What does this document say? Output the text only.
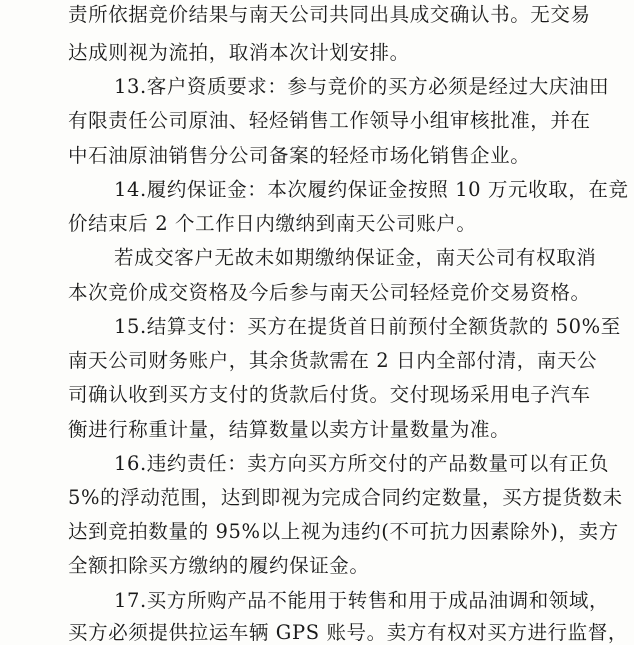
责所依据竞价结果与南天公司共同出具成交确认书。无交易
达成则视为流拍，取消本次计划安排。
13.客户资质要求：参与竞价的买方必须是经过大庆油田
有限责任公司原油、轻烃销售工作领导小组审核批准，并在
中石油原油销售分公司备案的轻烃市场化销售企业。
14.履约保证金：本次履约保证金按照 10 万元收取，在竞
价结束后 2 个工作日内缴纳到南天公司账户。
若成交客户无故未如期缴纳保证金，南天公司有权取消
本次竞价成交资格及今后参与南天公司轻烃竞价交易资格。
15.结算支付：买方在提货首日前预付全额货款的 50%至
南天公司财务账户，其余货款需在 2 日内全部付清，南天公
司确认收到买方支付的货款后付货。交付现场采用电子汽车
衡进行称重计量，结算数量以卖方计量数量为准。
16.违约责任：卖方向买方所交付的产品数量可以有正负
5%的浮动范围，达到即视为完成合同约定数量，买方提货数未
达到竞拍数量的 95%以上视为违约(不可抗力因素除外)，卖方
全额扣除买方缴纳的履约保证金。
17.买方所购产品不能用于转售和用于成品油调和领域，
买方必须提供拉运车辆 GPS 账号。卖方有权对买方进行监督，
